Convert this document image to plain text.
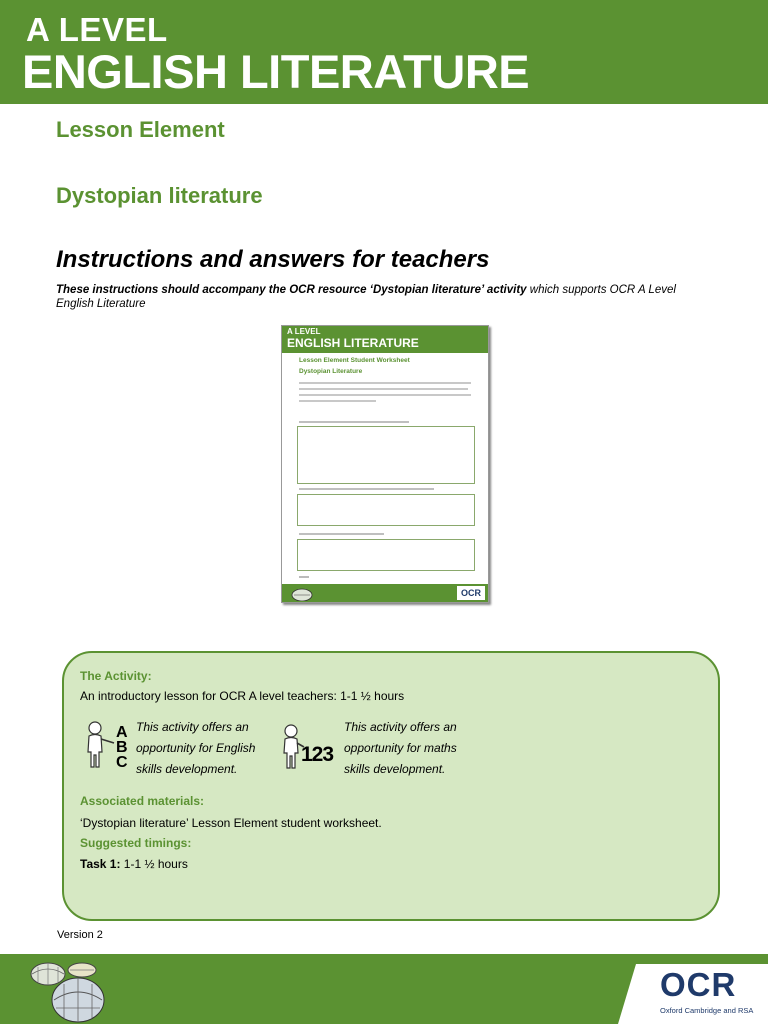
A LEVEL
ENGLISH LITERATURE
Lesson Element
Dystopian literature
Instructions and answers for teachers
These instructions should accompany the OCR resource ‘Dystopian literature’ activity which supports OCR A Level English Literature
A LEVEL
ENGLISH LITERATURE
Lesson Element Student Worksheet
Dystopian Literature
OCR
The Activity:
An introductory lesson for OCR A level teachers: 1-1 ½ hours
A
B
C
This activity offers an
opportunity for English
skills development.
123
This activity offers an
opportunity for maths
skills development.
Associated materials:
‘Dystopian literature’ Lesson Element student worksheet.
Suggested timings:
Task 1: 1-1 ½ hours
Version 2
OCR
Oxford Cambridge and RSA
